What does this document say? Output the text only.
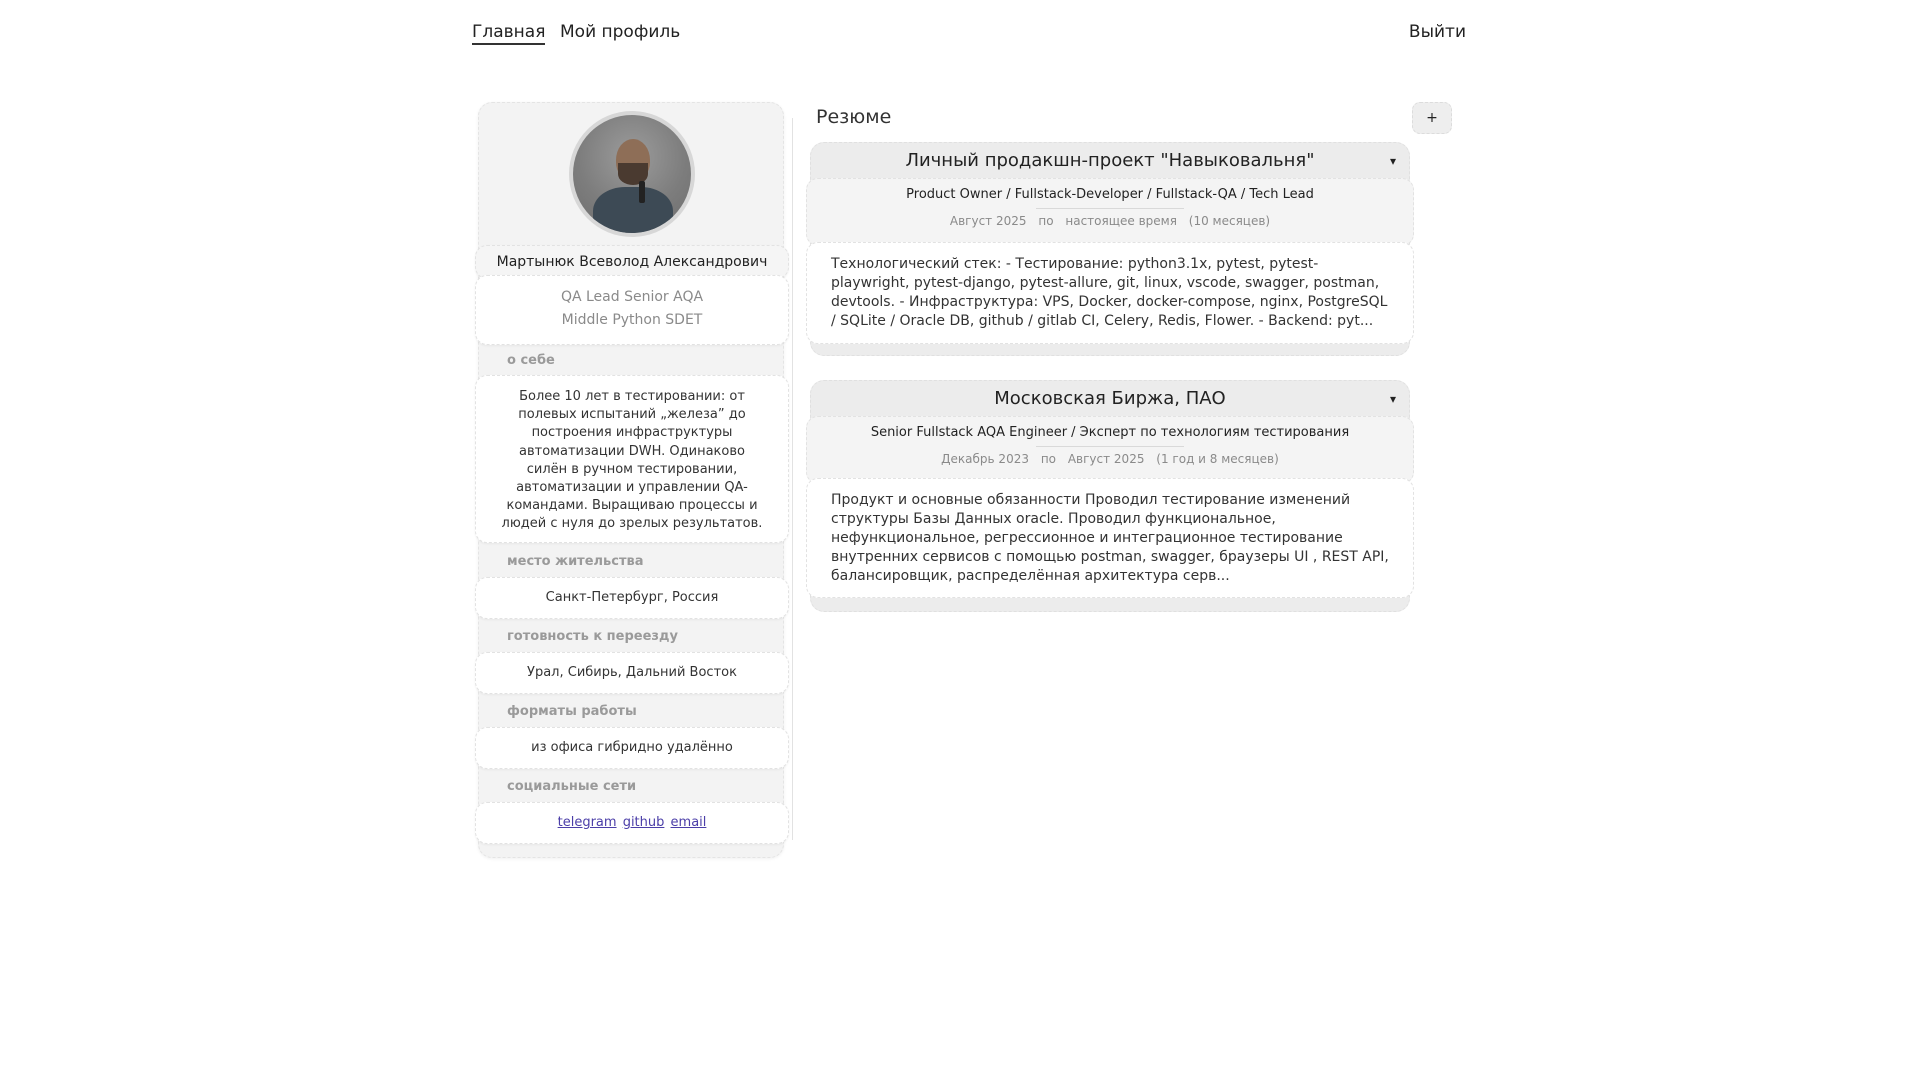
Главная Мой профиль	Выйти
Мартынюк Всеволод Александрович
QA Lead Senior AQA
Middle Python SDET
о себе
Более 10 лет в тестировании: от полевых испытаний „железа” до построения инфраструктуры автоматизации DWH. Одинаково силён в ручном тестировании, автоматизации и управлении QA-командами. Выращиваю процессы и людей с нуля до зрелых результатов.
место жительства
Санкт-Петербург, Россия
готовность к переезду
Урал, Сибирь, Дальний Восток
форматы работы
из офиса гибридно удалённо
социальные сети
telegram github email
Резюме	+
Личный продакшн-проект "Навыковальня"	▾
Product Owner / Fullstack-Developer / Fullstack-QA / Tech Lead
Август 2025 по настоящее время (10 месяцев)
Технологический стек: - Тестирование: python3.1x, pytest, pytest-playwright, pytest-django, pytest-allure, git, linux, vscode, swagger, postman, devtools. - Инфраструктура: VPS, Docker, docker-compose, nginx, PostgreSQL / SQLite / Oracle DB, github / gitlab CI, Celery, Redis, Flower. - Backend: pyt...
Московская Биржа, ПАО	▾
Senior Fullstack AQA Engineer / Эксперт по технологиям тестирования
Декабрь 2023 по Август 2025 (1 год и 8 месяцев)
Продукт и основные обязанности Проводил тестирование изменений структуры Базы Данных oracle. Проводил функциональное, нефункциональное, регрессионное и интеграционное тестирование внутренних сервисов с помощью postman, swagger, браузеры UI , REST API, балансировщик, распределённая архитектура серв...
